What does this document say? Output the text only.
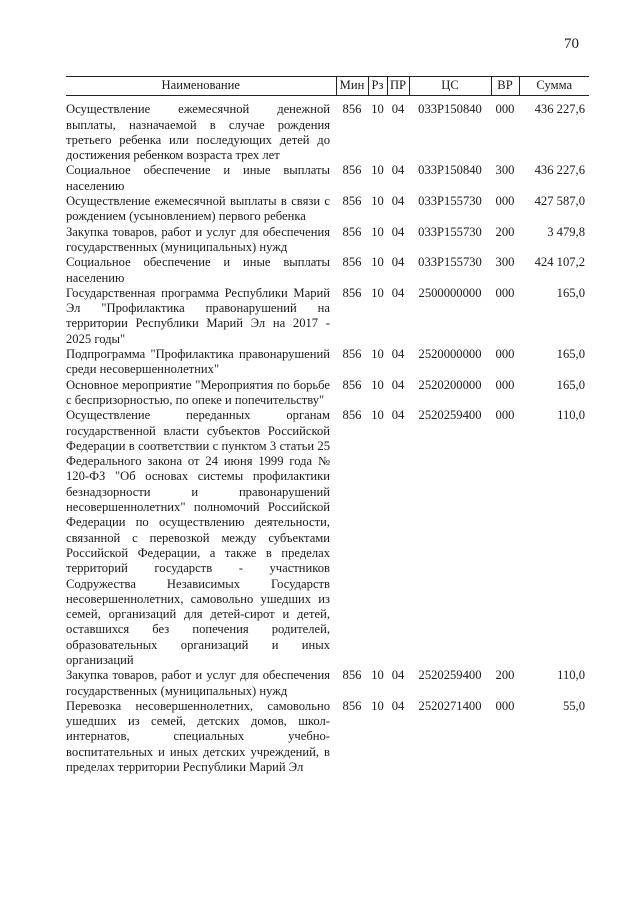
70
Наименование	Мин	Рз	ПР	ЦС	ВР	Сумма
Осуществление ежемесячной денежной выплаты, назначаемой в случае рождения третьего ребенка или последующих детей до достижения ребенком возраста трех лет	856	10	04	033P150840	000	436 227,6
Социальное обеспечение и иные выплаты населению	856	10	04	033P150840	300	436 227,6
Осуществление ежемесячной выплаты в связи с рождением (усыновлением) первого ребенка	856	10	04	033P155730	000	427 587,0
Закупка товаров, работ и услуг для обеспечения государственных (муниципальных) нужд	856	10	04	033P155730	200	3 479,8
Социальное обеспечение и иные выплаты населению	856	10	04	033P155730	300	424 107,2
Государственная программа Республики Марий Эл "Профилактика правонарушений на территории Республики Марий Эл на 2017 - 2025 годы"	856	10	04	2500000000	000	165,0
Подпрограмма "Профилактика правонарушений среди несовершеннолетних"	856	10	04	2520000000	000	165,0
Основное мероприятие "Мероприятия по борьбе с беспризорностью, по опеке и попечительству"	856	10	04	2520200000	000	165,0
Осуществление переданных органам государственной власти субъектов Российской Федерации в соответствии с пунктом 3 статьи 25 Федерального закона от 24 июня 1999 года № 120-ФЗ "Об основах системы профилактики безнадзорности и правонарушений несовершеннолетних" полномочий Российской Федерации по осуществлению деятельности, связанной с перевозкой между субъектами Российской Федерации, а также в пределах территорий государств - участников Содружества Независимых Государств несовершеннолетних, самовольно ушедших из семей, организаций для детей-сирот и детей, оставшихся без попечения родителей, образовательных организаций и иных организаций	856	10	04	2520259400	000	110,0
Закупка товаров, работ и услуг для обеспечения государственных (муниципальных) нужд	856	10	04	2520259400	200	110,0
Перевозка несовершеннолетних, самовольно ушедших из семей, детских домов, школ-интернатов, специальных учебно-воспитательных и иных детских учреждений, в пределах территории Республики Марий Эл	856	10	04	2520271400	000	55,0
